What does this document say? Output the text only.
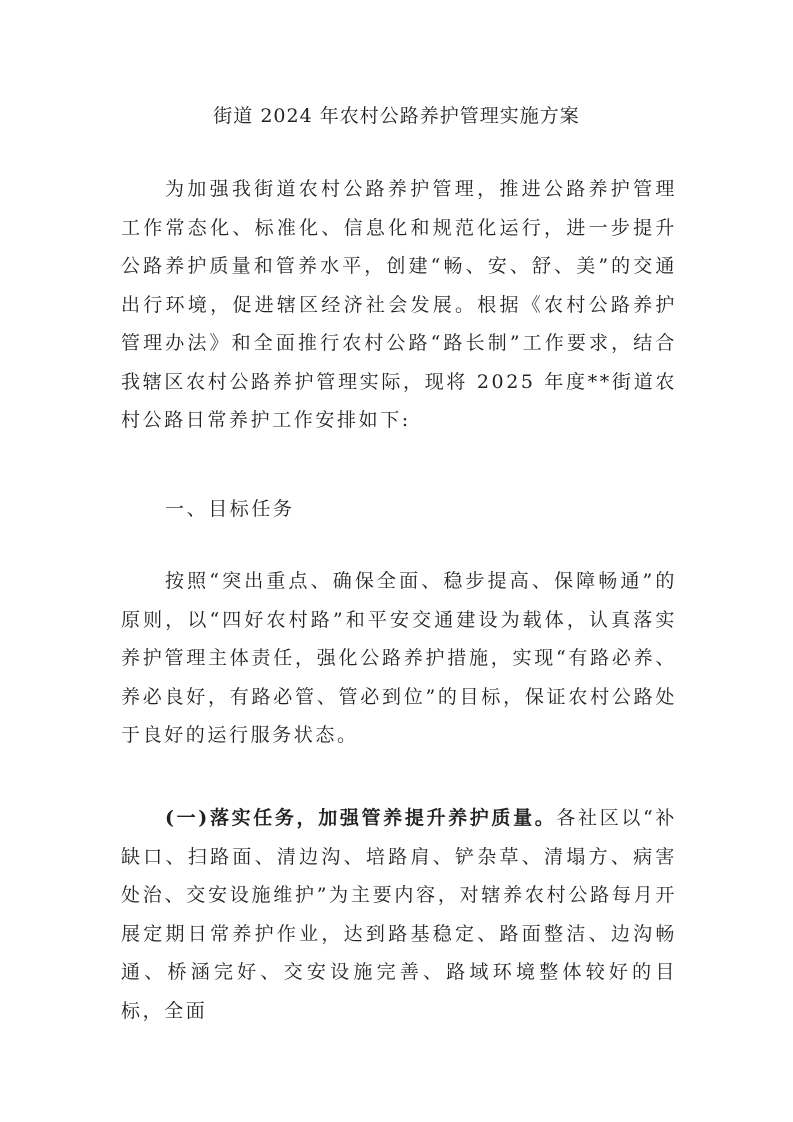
街道 2024 年农村公路养护管理实施方案

为加强我街道农村公路养护管理，推进公路养护管理工作常态化、标准化、信息化和规范化运行，进一步提升公路养护质量和管养水平，创建“畅、安、舒、美”的交通出行环境，促进辖区经济社会发展。根据《农村公路养护管理办法》和全面推行农村公路“路长制”工作要求，结合我辖区农村公路养护管理实际，现将 2025 年度**街道农村公路日常养护工作安排如下:

一、目标任务

按照“突出重点、确保全面、稳步提高、保障畅通”的原则，以“四好农村路”和平安交通建设为载体，认真落实养护管理主体责任，强化公路养护措施，实现“有路必养、养必良好，有路必管、管必到位”的目标，保证农村公路处于良好的运行服务状态。

(一)落实任务，加强管养提升养护质量。各社区以“补缺口、扫路面、清边沟、培路肩、铲杂草、清塌方、病害处治、交安设施维护”为主要内容，对辖养农村公路每月开展定期日常养护作业，达到路基稳定、路面整洁、边沟畅通、桥涵完好、交安设施完善、路域环境整体较好的目标，全面
